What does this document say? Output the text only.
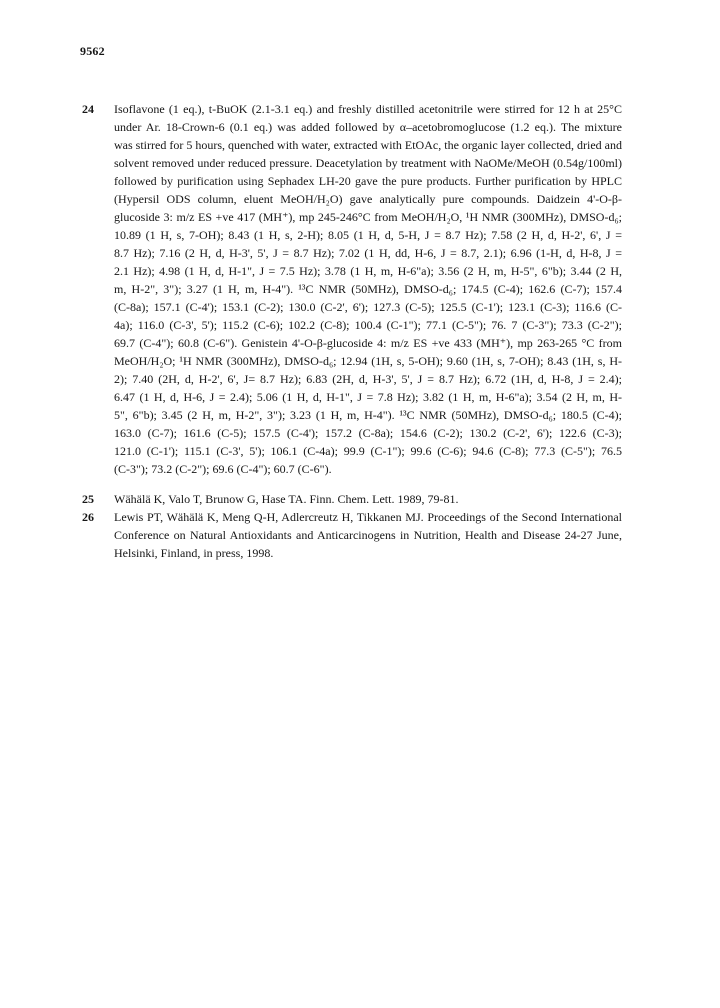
9562
24	Isoflavone (1 eq.), t-BuOK (2.1-3.1 eq.) and freshly distilled acetonitrile were stirred for 12 h at 25°C
under Ar. 18-Crown-6 (0.1 eq.) was added followed by α–acetobromoglucose (1.2 eq.). The mixture
was stirred for 5 hours, quenched with water, extracted with EtOAc, the organic layer collected, dried and
solvent removed under reduced pressure. Deacetylation by treatment with NaOMe/MeOH (0.54g/100ml)
followed by purification using Sephadex LH-20 gave the pure products. Further purification by HPLC
(Hypersil ODS column, eluent MeOH/H₂O) gave analytically pure compounds. Daidzein 4'-O-β-
glucoside 3: m/z ES +ve 417 (MH⁺), mp 245-246°C from MeOH/H₂O, ¹H NMR (300MHz), DMSO-d₆;
10.89 (1 H, s, 7-OH); 8.43 (1 H, s, 2-H); 8.05 (1 H, d, 5-H, J = 8.7 Hz); 7.58 (2 H, d, H-2', 6', J =
8.7 Hz); 7.16 (2 H, d, H-3', 5', J = 8.7 Hz); 7.02 (1 H, dd, H-6, J = 8.7, 2.1); 6.96 (1-H, d, H-8, J =
2.1 Hz); 4.98 (1 H, d, H-1", J = 7.5 Hz); 3.78 (1 H, m, H-6"a); 3.56 (2 H, m, H-5", 6"b); 3.44 (2 H,
m, H-2", 3"); 3.27 (1 H, m, H-4"). ¹³C NMR (50MHz), DMSO-d₆; 174.5 (C-4); 162.6 (C-7); 157.4
(C-8a); 157.1 (C-4'); 153.1 (C-2); 130.0 (C-2', 6'); 127.3 (C-5); 125.5 (C-1'); 123.1 (C-3); 116.6 (C-
4a); 116.0 (C-3', 5'); 115.2 (C-6); 102.2 (C-8); 100.4 (C-1"); 77.1 (C-5"); 76. 7 (C-3"); 73.3 (C-2");
69.7 (C-4"); 60.8 (C-6"). Genistein 4'-O-β-glucoside 4: m/z ES +ve 433 (MH⁺), mp 263-265 °C from
MeOH/H₂O; ¹H NMR (300MHz), DMSO-d₆; 12.94 (1H, s, 5-OH); 9.60 (1H, s, 7-OH); 8.43 (1H, s, H-
2); 7.40 (2H, d, H-2', 6', J= 8.7 Hz); 6.83 (2H, d, H-3', 5', J = 8.7 Hz); 6.72 (1H, d, H-8, J = 2.4);
6.47 (1 H, d, H-6, J = 2.4); 5.06 (1 H, d, H-1", J = 7.8 Hz); 3.82 (1 H, m, H-6"a); 3.54 (2 H, m, H-
5", 6"b); 3.45 (2 H, m, H-2", 3"); 3.23 (1 H, m, H-4"). ¹³C NMR (50MHz), DMSO-d₆; 180.5 (C-4);
163.0 (C-7); 161.6 (C-5); 157.5 (C-4'); 157.2 (C-8a); 154.6 (C-2); 130.2 (C-2', 6'); 122.6 (C-3);
121.0 (C-1'); 115.1 (C-3', 5'); 106.1 (C-4a); 99.9 (C-1"); 99.6 (C-6); 94.6 (C-8); 77.3 (C-5"); 76.5
(C-3"); 73.2 (C-2"); 69.6 (C-4"); 60.7 (C-6").
25	Wähälä K, Valo T, Brunow G, Hase TA. Finn. Chem. Lett. 1989, 79-81.
26	Lewis PT, Wähälä K, Meng Q-H, Adlercreutz H, Tikkanen MJ. Proceedings of the Second International
Conference on Natural Antioxidants and Anticarcinogens in Nutrition, Health and Disease 24-27 June,
Helsinki, Finland, in press, 1998.
